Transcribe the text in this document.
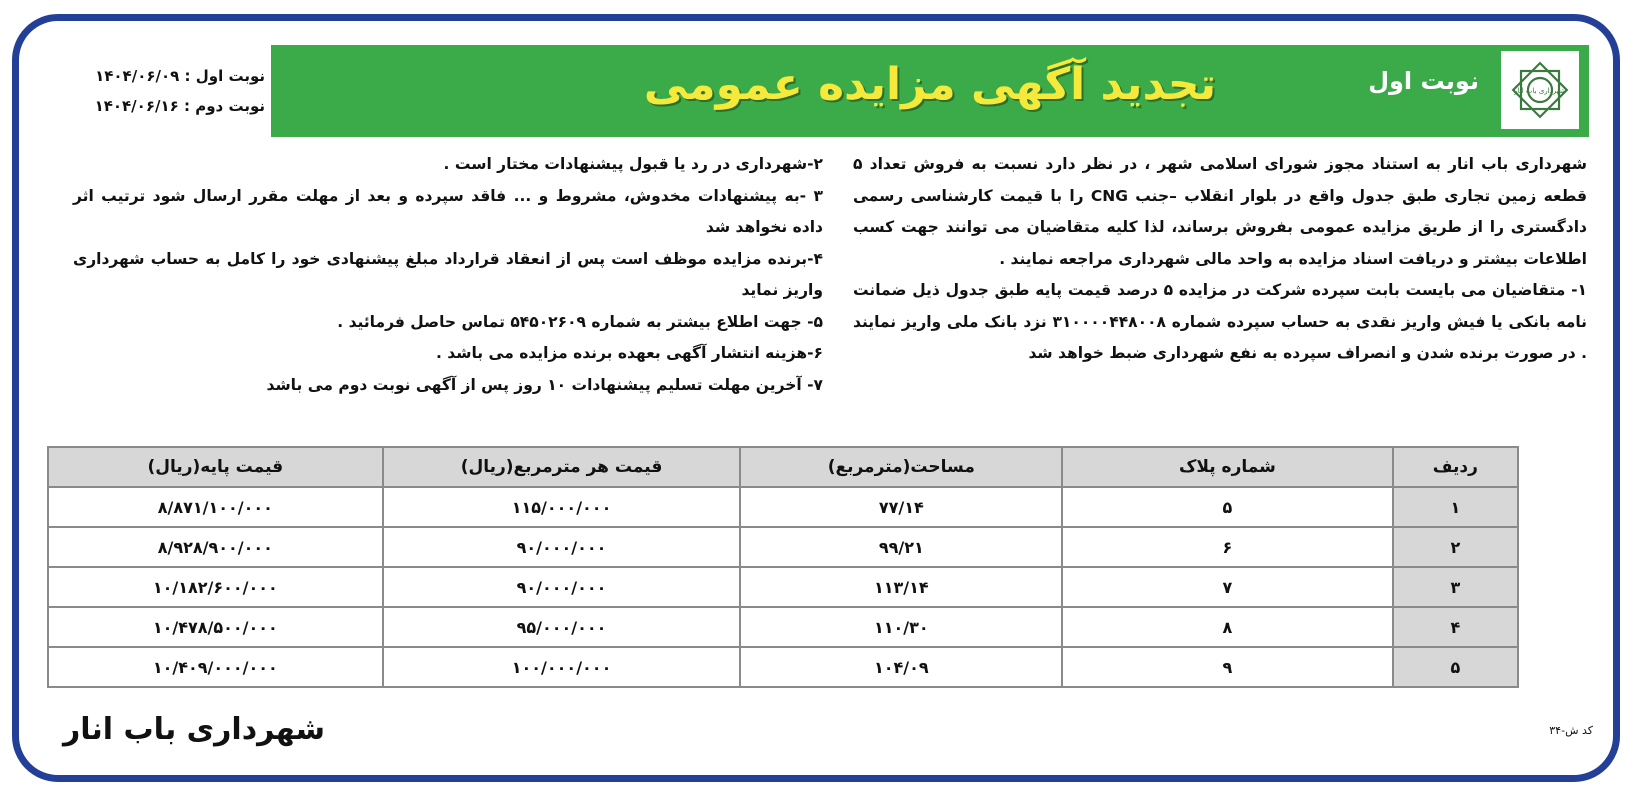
شهرداری باب انار
نوبت اول
تجدید آگهی مزایده عمومی
نوبت اول : ۱۴۰۴/۰۶/۰۹
نوبت دوم : ۱۴۰۴/۰۶/۱۶

شهرداری باب انار به استناد مجوز شورای اسلامی شهر ، در نظر دارد نسبت به فروش تعداد ۵ قطعه زمین تجاری طبق جدول واقع در بلوار انقلاب –جنب CNG را با قیمت کارشناسی رسمی دادگستری را از طریق مزایده عمومی بفروش برساند، لذا کلیه متقاضیان می توانند جهت کسب اطلاعات بیشتر و دریافت اسناد مزایده به واحد مالی شهرداری مراجعه نمایند .

۱- متقاضیان می بایست بابت سپرده شرکت در مزایده ۵ درصد قیمت پایه طبق جدول ذیل ضمانت نامه بانکی یا فیش واریز نقدی به حساب سپرده شماره ۳۱۰۰۰۰۴۴۸۰۰۸ نزد بانک ملی واریز نمایند . در صورت برنده شدن و انصراف سپرده به نفع شهرداری ضبط خواهد شد

۲-شهرداری در رد یا قبول پیشنهادات مختار است .

۳ -به پیشنهادات مخدوش، مشروط و ... فاقد سپرده و بعد از مهلت مقرر ارسال شود ترتیب اثر داده نخواهد شد

۴-برنده مزایده موظف است پس از انعقاد قرارداد مبلغ پیشنهادی خود را کامل به حساب شهرداری واریز نماید

۵- جهت اطلاع بیشتر به شماره ۵۴۵۰۲۶۰۹ تماس حاصل فرمائید .

۶-هزینه انتشار آگهی بعهده برنده مزایده می باشد .

۷- آخرین مهلت تسلیم پیشنهادات ۱۰ روز پس از آگهی نوبت دوم می باشد

ردیف	شماره پلاک	مساحت(مترمربع)	قیمت هر مترمربع(ریال)	قیمت پایه(ریال)
۱	۵	۷۷/۱۴	۱۱۵/۰۰۰/۰۰۰	۸/۸۷۱/۱۰۰/۰۰۰
۲	۶	۹۹/۲۱	۹۰/۰۰۰/۰۰۰	۸/۹۲۸/۹۰۰/۰۰۰
۳	۷	۱۱۳/۱۴	۹۰/۰۰۰/۰۰۰	۱۰/۱۸۲/۶۰۰/۰۰۰
۴	۸	۱۱۰/۳۰	۹۵/۰۰۰/۰۰۰	۱۰/۴۷۸/۵۰۰/۰۰۰
۵	۹	۱۰۴/۰۹	۱۰۰/۰۰۰/۰۰۰	۱۰/۴۰۹/۰۰۰/۰۰۰
کد ش-۳۴
شهرداری باب انار
